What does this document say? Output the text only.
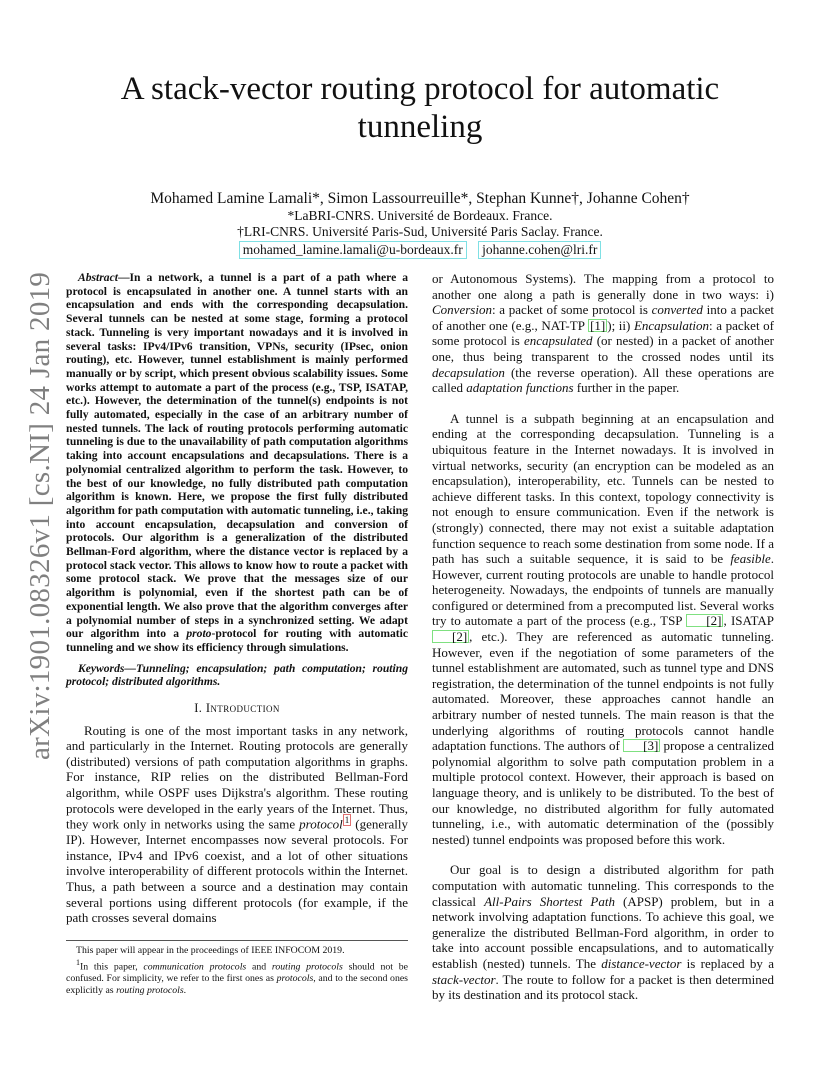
arXiv:1901.08326v1 [cs.NI] 24 Jan 2019
A stack-vector routing protocol for automatic tunneling
Mohamed Lamine Lamali*, Simon Lassourreuille*, Stephan Kunne†, Johanne Cohen†
*LaBRI-CNRS. Université de Bordeaux. France.
†LRI-CNRS. Université Paris-Sud, Université Paris Saclay. France.
mohamed_lamine.lamali@u-bordeaux.fr johanne.cohen@lri.fr

Abstract—In a network, a tunnel is a part of a path where a protocol is encapsulated in another one. A tunnel starts with an encapsulation and ends with the corresponding decapsulation. Several tunnels can be nested at some stage, forming a protocol stack. Tunneling is very important nowadays and it is involved in several tasks: IPv4/IPv6 transition, VPNs, security (IPsec, onion routing), etc. However, tunnel establishment is mainly performed manually or by script, which present obvious scalability issues. Some works attempt to automate a part of the process (e.g., TSP, ISATAP, etc.). However, the determination of the tunnel(s) endpoints is not fully automated, especially in the case of an arbitrary number of nested tunnels. The lack of routing protocols performing automatic tunneling is due to the unavailability of path computation algorithms taking into account encapsulations and decapsulations. There is a polynomial centralized algorithm to perform the task. However, to the best of our knowledge, no fully distributed path computation algorithm is known. Here, we propose the first fully distributed algorithm for path computation with automatic tunneling, i.e., taking into account encapsulation, decapsulation and conversion of protocols. Our algorithm is a generalization of the distributed Bellman-Ford algorithm, where the distance vector is replaced by a protocol stack vector. This allows to know how to route a packet with some protocol stack. We prove that the messages size of our algorithm is polynomial, even if the shortest path can be of exponential length. We also prove that the algorithm converges after a polynomial number of steps in a synchronized setting. We adapt our algorithm into a proto-protocol for routing with automatic tunneling and we show its efficiency through simulations.

Keywords—Tunneling; encapsulation; path computation; routing protocol; distributed algorithms.

I. Introduction

Routing is one of the most important tasks in any network, and particularly in the Internet. Routing protocols are generally (distributed) versions of path computation algorithms in graphs. For instance, RIP relies on the distributed Bellman-Ford algorithm, while OSPF uses Dijkstra's algorithm. These routing protocols were developed in the early years of the Internet. Thus, they work only in networks using the same protocol $^1$ (generally IP). However, Internet encompasses now several protocols. For instance, IPv4 and IPv6 coexist, and a lot of other situations involve interoperability of different protocols within the Internet. Thus, a path between a source and a destination may contain several portions using different protocols (for example, if the path crosses several domains

This paper will appear in the proceedings of IEEE INFOCOM 2019.

$^1$In this paper, communication protocols and routing protocols should not be confused. For simplicity, we refer to the first ones as protocols, and to the second ones explicitly as routing protocols.

or Autonomous Systems). The mapping from a protocol to another one along a path is generally done in two ways: i) Conversion: a packet of some protocol is converted into a packet of another one (e.g., NAT-TP [1] ); ii) Encapsulation: a packet of some protocol is encapsulated (or nested) in a packet of another one, thus being transparent to the crossed nodes until its decapsulation (the reverse operation). All these operations are called adaptation functions further in the paper.

A tunnel is a subpath beginning at an encapsulation and ending at the corresponding decapsulation. Tunneling is a ubiquitous feature in the Internet nowadays. It is involved in virtual networks, security (an encryption can be modeled as an encapsulation), interoperability, etc. Tunnels can be nested to achieve different tasks. In this context, topology connectivity is not enough to ensure communication. Even if the network is (strongly) connected, there may not exist a suitable adaptation function sequence to reach some destination from some node. If a path has such a suitable sequence, it is said to be feasible. However, current routing protocols are unable to handle protocol heterogeneity. Nowadays, the endpoints of tunnels are manually configured or determined from a precomputed list. Several works try to automate a part of the process (e.g., TSP [2] , ISATAP [2] , etc.). They are referenced as automatic tunneling. However, even if the negotiation of some parameters of the tunnel establishment are automated, such as tunnel type and DNS registration, the determination of the tunnel endpoints is not fully automated. Moreover, these approaches cannot handle an arbitrary number of nested tunnels. The main reason is that the underlying algorithms of routing protocols cannot handle adaptation functions. The authors of [3] propose a centralized polynomial algorithm to solve path computation problem in a multiple protocol context. However, their approach is based on language theory, and is unlikely to be distributed. To the best of our knowledge, no distributed algorithm for fully automated tunneling, i.e., with automatic determination of the (possibly nested) tunnel endpoints was proposed before this work.

Our goal is to design a distributed algorithm for path computation with automatic tunneling. This corresponds to the classical All-Pairs Shortest Path (APSP) problem, but in a network involving adaptation functions. To achieve this goal, we generalize the distributed Bellman-Ford algorithm, in order to take into account possible encapsulations, and to automatically establish (nested) tunnels. The distance-vector is replaced by a stack-vector. The route to follow for a packet is then determined by its destination and its protocol stack.
